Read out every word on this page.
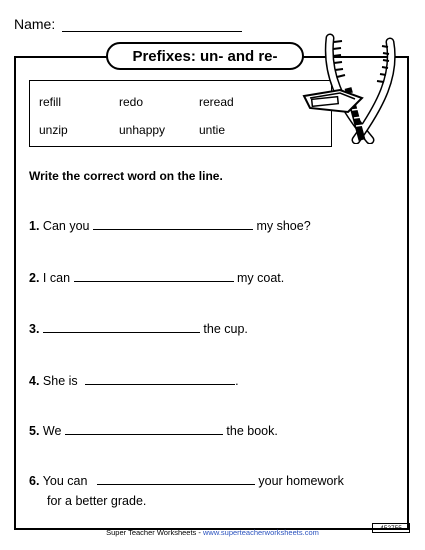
Name:
Prefixes: un- and re-
refill	redo	reread
unzip	unhappy	untie
Write the correct word on the line.
1. Can you	my shoe?
2. I can	my coat.
3.	the cup.
4. She is	.
5. We	the book.
6. You can	your homework
for a better grade.
Super Teacher Worksheets - www.superteacherworksheets.com	452755
